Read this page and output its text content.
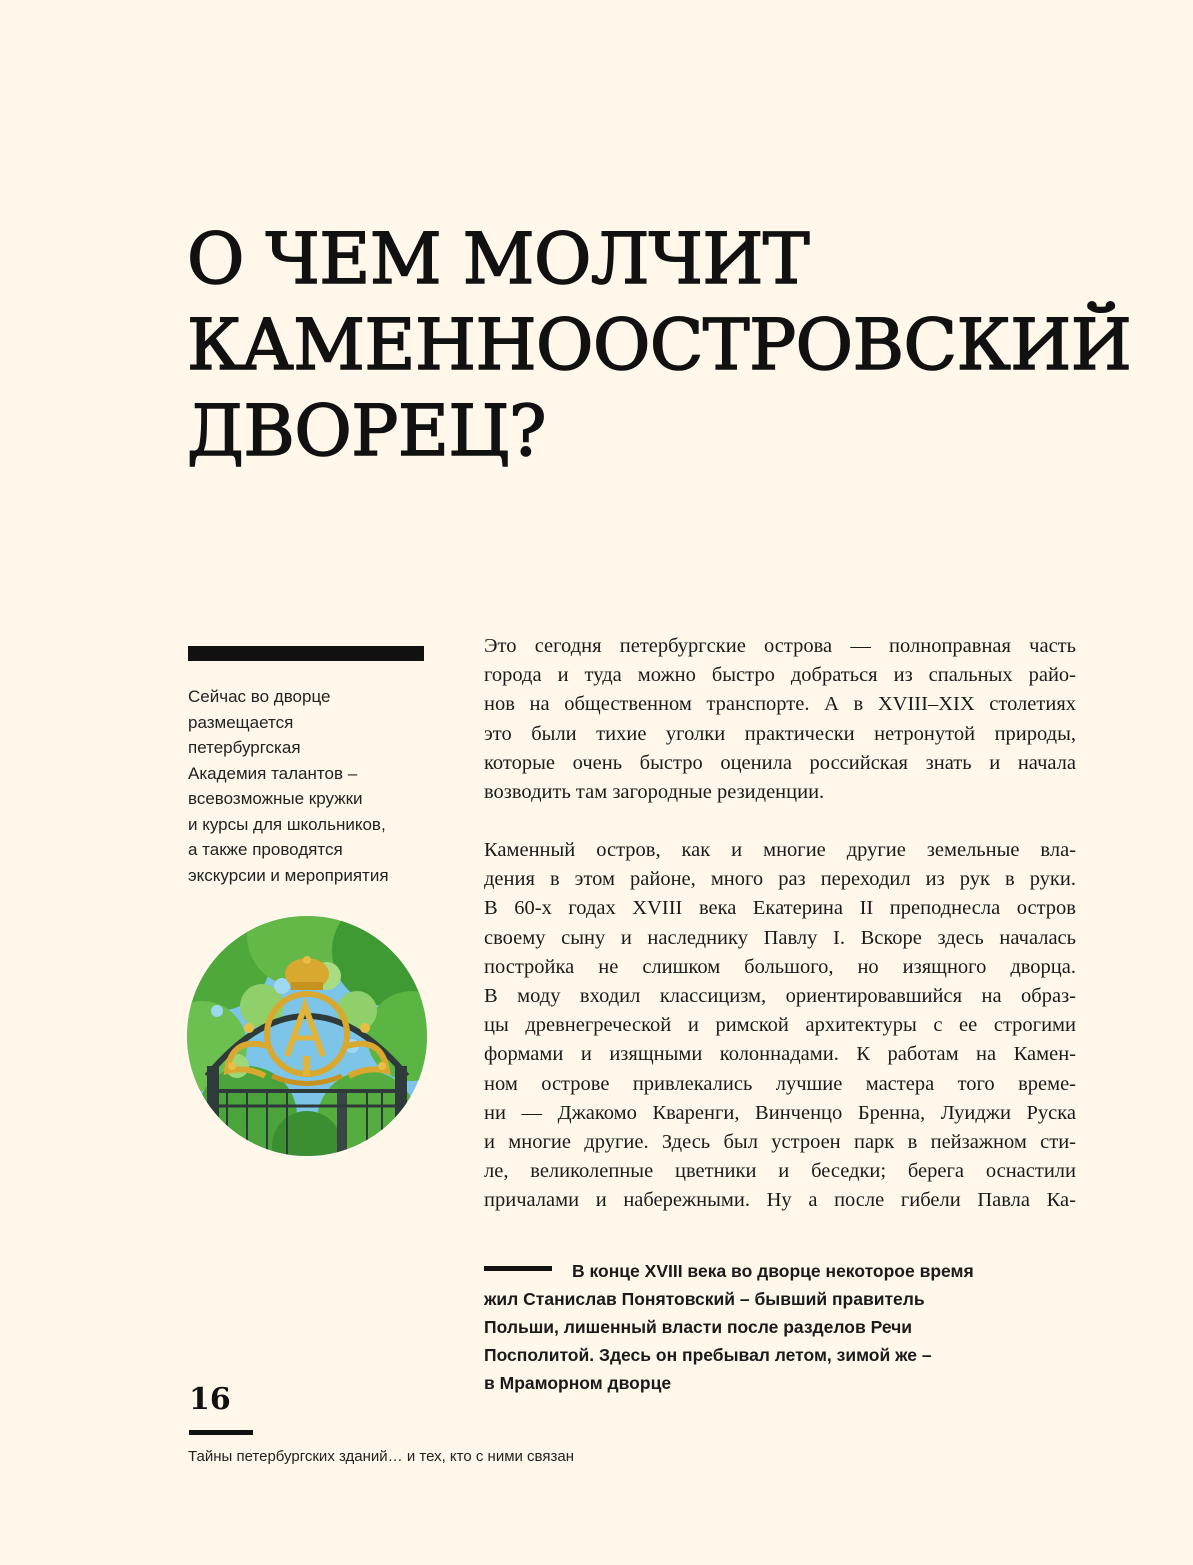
О ЧЕМ МОЛЧИТ
КАМЕННООСТРОВСКИЙ
ДВОРЕЦ?
Сейчас во дворце
размещается
петербургская
Академия талантов –
всевозможные кружки
и курсы для школьников,
а также проводятся
экскурсии и мероприятия
Это сегодня петербургские острова — полноправная часть
города и туда можно быстро добраться из спальных райо-
нов на общественном транспорте. А в XVIII–XIX столетиях
это были тихие уголки практически нетронутой природы,
которые очень быстро оценила российская знать и начала
возводить там загородные резиденции.
Каменный остров, как и многие другие земельные вла-
дения в этом районе, много раз переходил из рук в руки.
В 60-х годах XVIII века Екатерина II преподнесла остров
своему сыну и наследнику Павлу I. Вскоре здесь началась
постройка не слишком большого, но изящного дворца.
В моду входил классицизм, ориентировавшийся на образ-
цы древнегреческой и римской архитектуры с ее строгими
формами и изящными колоннадами. К работам на Камен-
ном острове привлекались лучшие мастера того време-
ни — Джакомо Кваренги, Винченцо Бренна, Луиджи Руска
и многие другие. Здесь был устроен парк в пейзажном сти-
ле, великолепные цветники и беседки; берега оснастили
причалами и набережными. Ну а после гибели Павла Ка-
В конце XVIII века во дворце некоторое время
жил Станислав Понятовский – бывший правитель
Польши, лишенный власти после разделов Речи
Посполитой. Здесь он пребывал летом, зимой же –
в Мраморном дворце
16
Тайны петербургских зданий… и тех, кто с ними связан
